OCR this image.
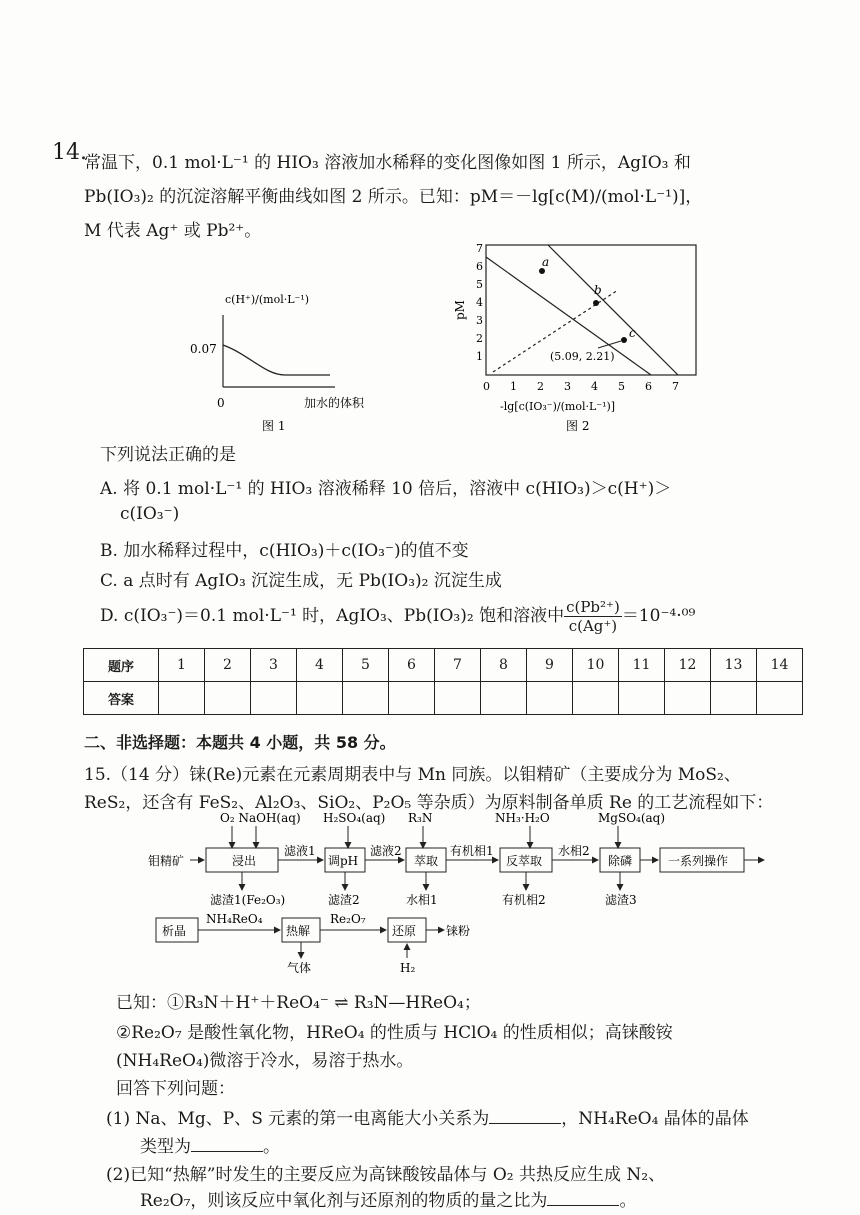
14.
常温下，0.1 mol·L⁻¹ 的 HIO₃ 溶液加水稀释的变化图像如图 1 所示，AgIO₃ 和
Pb(IO₃)₂ 的沉淀溶解平衡曲线如图 2 所示。已知：pM＝－lg[c(M)/(mol·L⁻¹)]，
M 代表 Ag⁺ 或 Pb²⁺。
c(H⁺)/(mol·L⁻¹)
0.07
0	加水的体积
图 1
pM
1
2
3
4
5
6
7
0 1 2 3 4 5 6 7
a
b
c
(5.09, 2.21)
-lg[c(IO₃⁻)/(mol·L⁻¹)]
图 2
下列说法正确的是
A. 将 0.1 mol·L⁻¹ 的 HIO₃ 溶液稀释 10 倍后，溶液中 c(HIO₃)＞c(H⁺)＞
c(IO₃⁻)
B. 加水稀释过程中，c(HIO₃)＋c(IO₃⁻)的值不变
C. a 点时有 AgIO₃ 沉淀生成，无 Pb(IO₃)₂ 沉淀生成
D. c(IO₃⁻)＝0.1 mol·L⁻¹ 时，AgIO₃、Pb(IO₃)₂ 饱和溶液中 $\frac{\text{c(Pb²⁺)}}{c(Ag^+)} =10^{-4}\cdot^{09}$
题序	1	2	3	4	5	6	7	8	9	10	11	12	13	14
答案														
二、非选择题：本题共 4 小题，共 58 分。
15.（14 分）铼(Re)元素在元素周期表中与 Mn 同族。以钼精矿（主要成分为 MoS₂、
ReS₂，还含有 FeS₂、Al₂O₃、SiO₂、P₂O₅ 等杂质）为原料制备单质 Re 的工艺流程如下：
O₂ NaOH(aq) H₂SO₄(aq) R₃N	NH₃·H₂O	MgSO₄(aq)
钼精矿	浸出
滤液1
调pH
滤液2
萃取
有机相1
反萃取
水相2
除磷	一系列操作
滤渣1(Fe₂O₃)	滤渣2	水相1	有机相2	滤渣3
析晶
NH₄ReO₄
热解
Re₂O₇
还原 铼粉
气体	H₂
已知：①R₃N＋H⁺＋ReO₄⁻ ⇌ R₃N—HReO₄；
②Re₂O₇ 是酸性氧化物，HReO₄ 的性质与 HClO₄ 的性质相似；高铼酸铵
(NH₄ReO₄)微溶于冷水，易溶于热水。
回答下列问题：
(1) Na、Mg、P、S 元素的第一电离能大小关系为	，NH₄ReO₄ 晶体的晶体
类型为	。
(2)已知“热解”时发生的主要反应为高铼酸铵晶体与 O₂ 共热反应生成 N₂、
Re₂O₇，则该反应中氧化剂与还原剂的物质的量之比为	。
